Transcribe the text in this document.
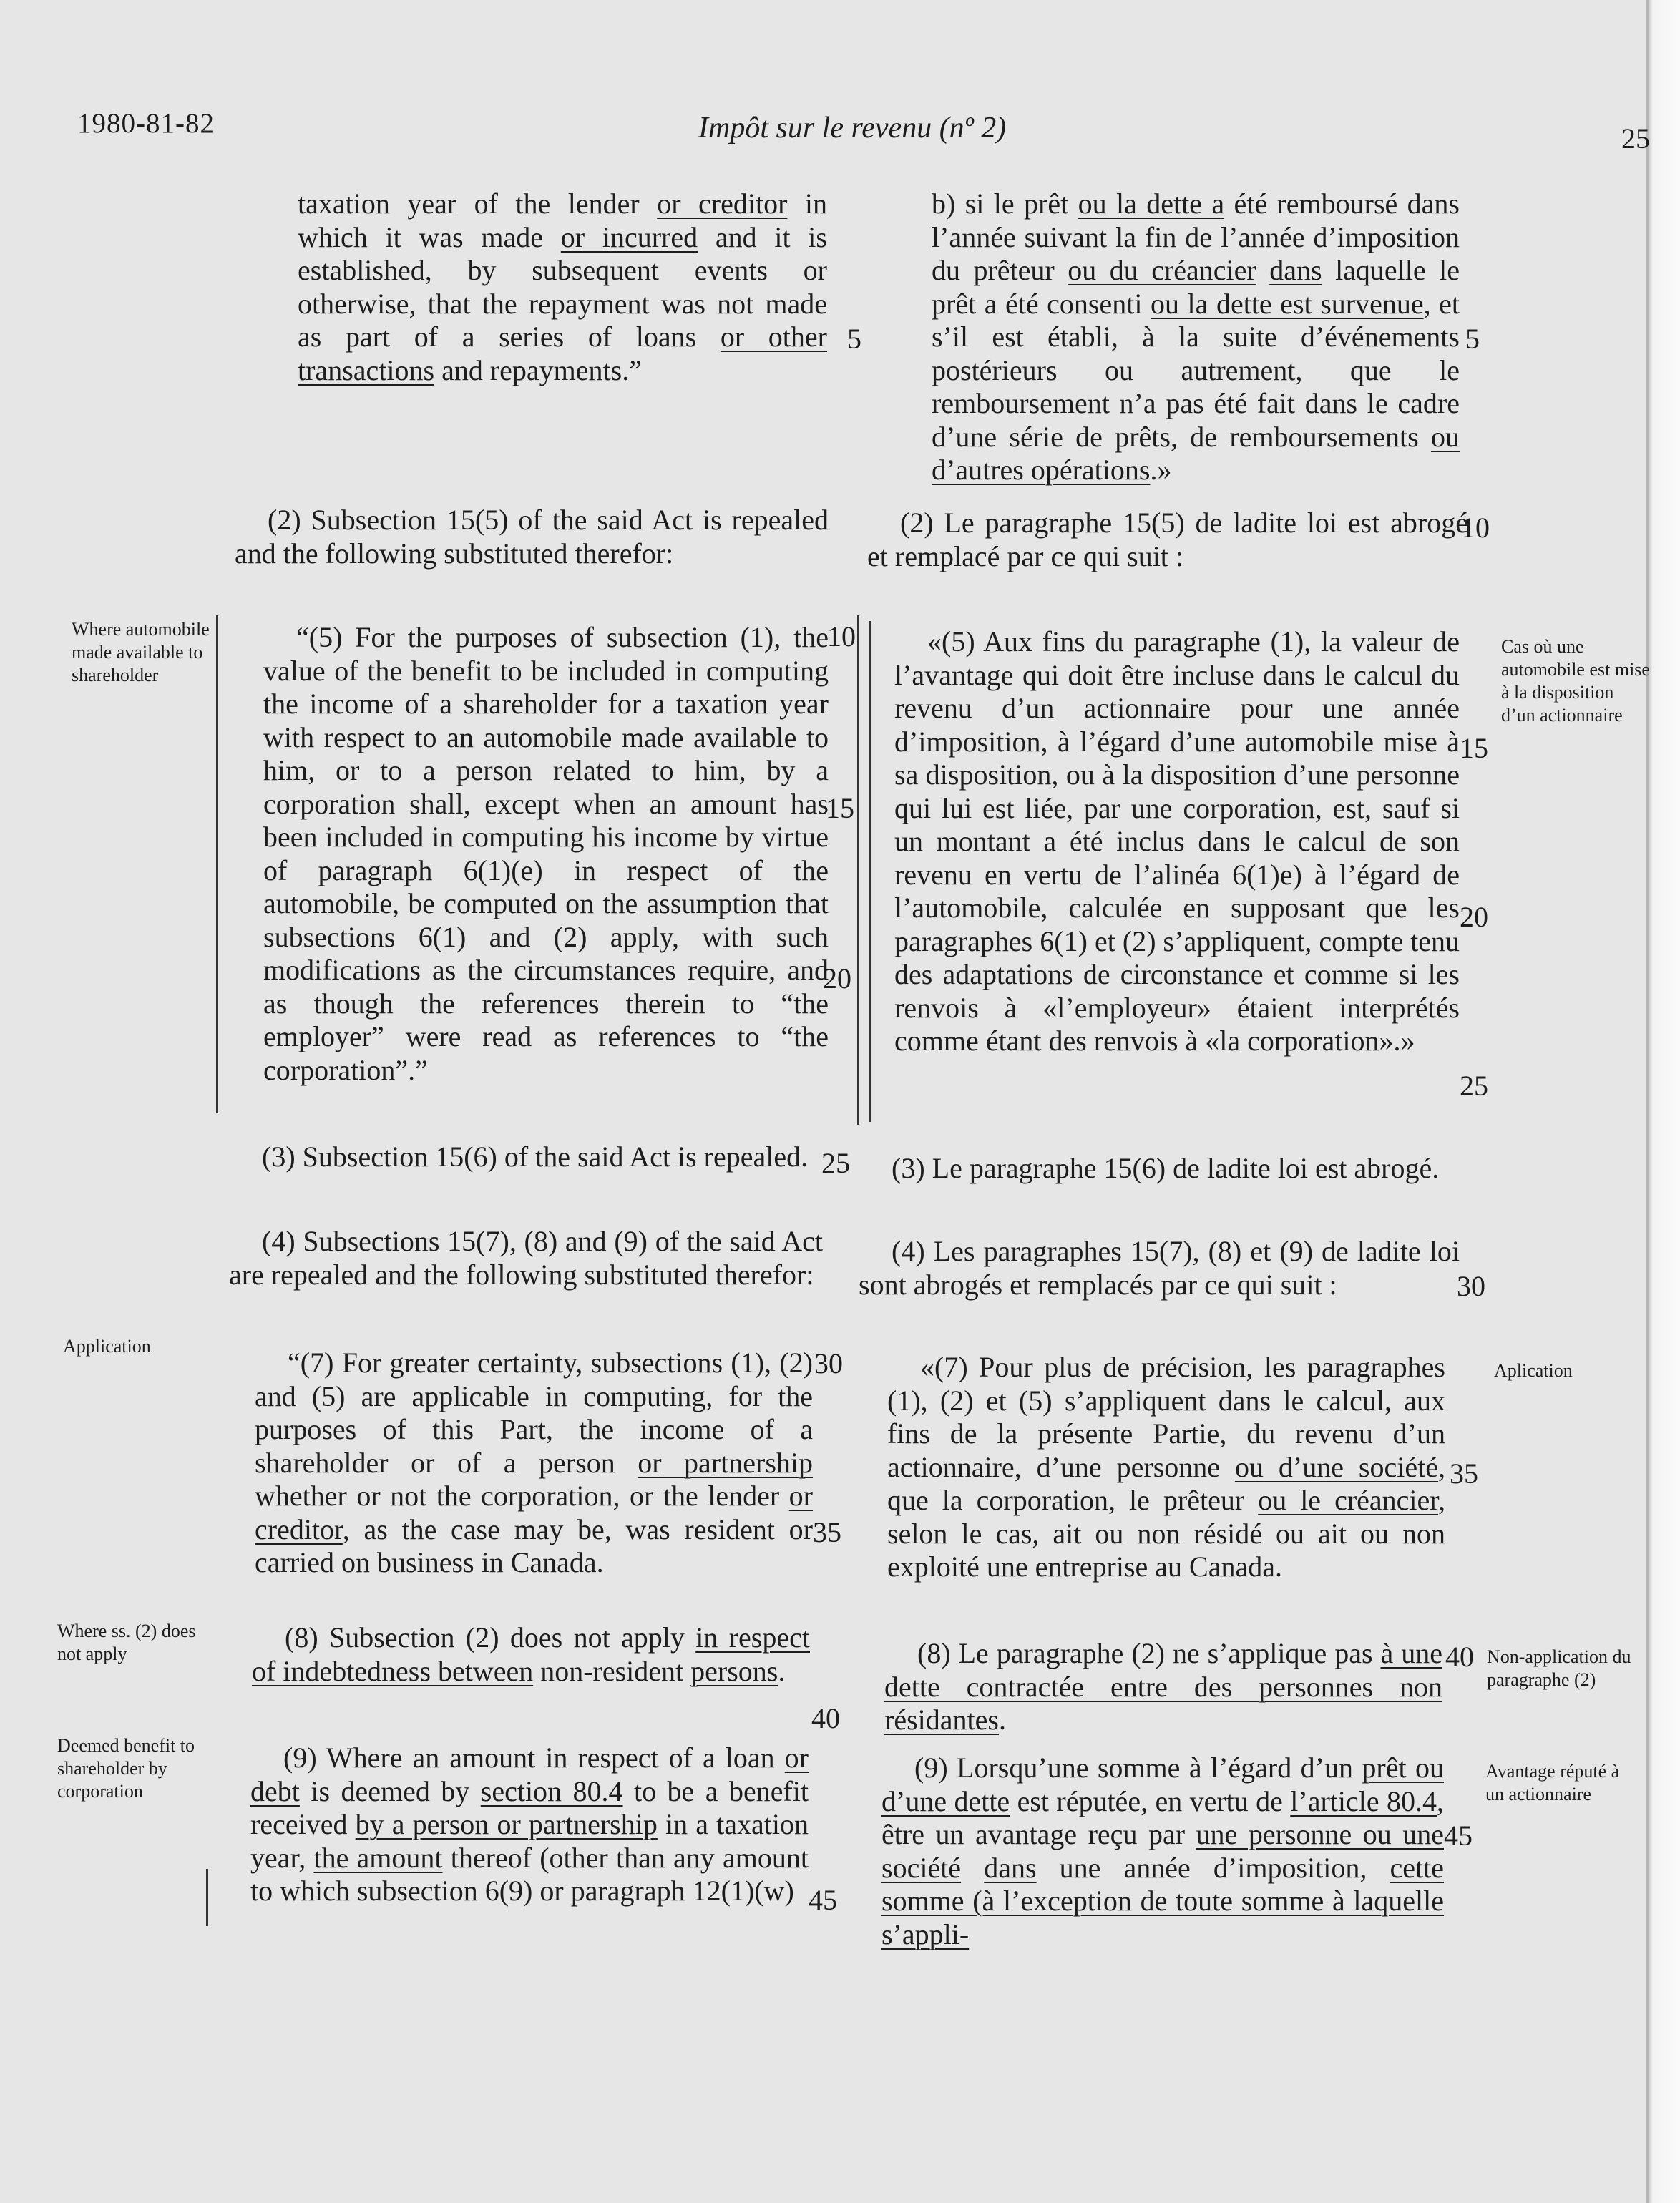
1980-81-82	Impôt sur le revenu (nº 2)	25

taxation year of the lender or creditor in which it was made or incurred and it is established, by subsequent events or otherwise, that the repayment was not made as part of a series of loans or other transactions and repayments.”

(2) Subsection 15(5) of the said Act is repealed and the following substituted therefor:

“(5) For the purposes of subsection (1), the value of the benefit to be included in computing the income of a shareholder for a taxation year with respect to an automobile made available to him, or to a person related to him, by a corporation shall, except when an amount has been included in computing his income by virtue of paragraph 6(1)(e) in respect of the automobile, be computed on the assumption that subsections 6(1) and (2) apply, with such modifications as the circumstances require, and as though the references therein to “the employer” were read as references to “the corporation”.”

(3) Subsection 15(6) of the said Act is repealed.

(4) Subsections 15(7), (8) and (9) of the said Act are repealed and the following substituted therefor:

“(7) For greater certainty, subsections (1), (2) and (5) are applicable in computing, for the purposes of this Part, the income of a shareholder or of a person or partnership whether or not the corporation, or the lender or creditor, as the case may be, was resident or carried on business in Canada.

(8) Subsection (2) does not apply in respect of indebtedness between non-resident persons.

(9) Where an amount in respect of a loan or debt is deemed by section 80.4 to be a benefit received by a person or partnership in a taxation year, the amount thereof (other than any amount to which subsection 6(9) or paragraph 12(1)(w)

5
10
15
20
25
30
35
40
45

b) si le prêt ou la dette a été remboursé dans l’année suivant la fin de l’année d’imposition du prêteur ou du créancier dans laquelle le prêt a été consenti ou la dette est survenue, et s’il est établi, à la suite d’événements postérieurs ou autrement, que le remboursement n’a pas été fait dans le cadre d’une série de prêts, de remboursements ou d’autres opérations.»

(2) Le paragraphe 15(5) de ladite loi est abrogé et remplacé par ce qui suit :

«(5) Aux fins du paragraphe (1), la valeur de l’avantage qui doit être incluse dans le calcul du revenu d’un actionnaire pour une année d’imposition, à l’égard d’une automobile mise à sa disposition, ou à la disposition d’une personne qui lui est liée, par une corporation, est, sauf si un montant a été inclus dans le calcul de son revenu en vertu de l’alinéa 6(1)e) à l’égard de l’automobile, calculée en supposant que les paragraphes 6(1) et (2) s’appliquent, compte tenu des adaptations de circonstance et comme si les renvois à «l’employeur» étaient interprétés comme étant des renvois à «la corporation».»

(3) Le paragraphe 15(6) de ladite loi est abrogé.

(4) Les paragraphes 15(7), (8) et (9) de ladite loi sont abrogés et remplacés par ce qui suit :

«(7) Pour plus de précision, les paragraphes (1), (2) et (5) s’appliquent dans le calcul, aux fins de la présente Partie, du revenu d’un actionnaire, d’une personne ou d’une société, que la corporation, le prêteur ou le créancier, selon le cas, ait ou non résidé ou ait ou non exploité une entreprise au Canada.

(8) Le paragraphe (2) ne s’applique pas à une dette contractée entre des personnes non résidantes.

(9) Lorsqu’une somme à l’égard d’un prêt ou d’une dette est réputée, en vertu de l’article 80.4, être un avantage reçu par une personne ou une société dans une année d’imposition, cette somme (à l’exception de toute somme à laquelle s’appli-

5
10
15
20
25
30
35
40
45
Where automobile made available to shareholder
Application
Where ss. (2) does not apply
Deemed benefit to shareholder by corporation
Cas où une automobile est mise à la disposition d’un actionnaire
Aplication
Non-application du paragraphe (2)
Avantage réputé à un actionnaire
